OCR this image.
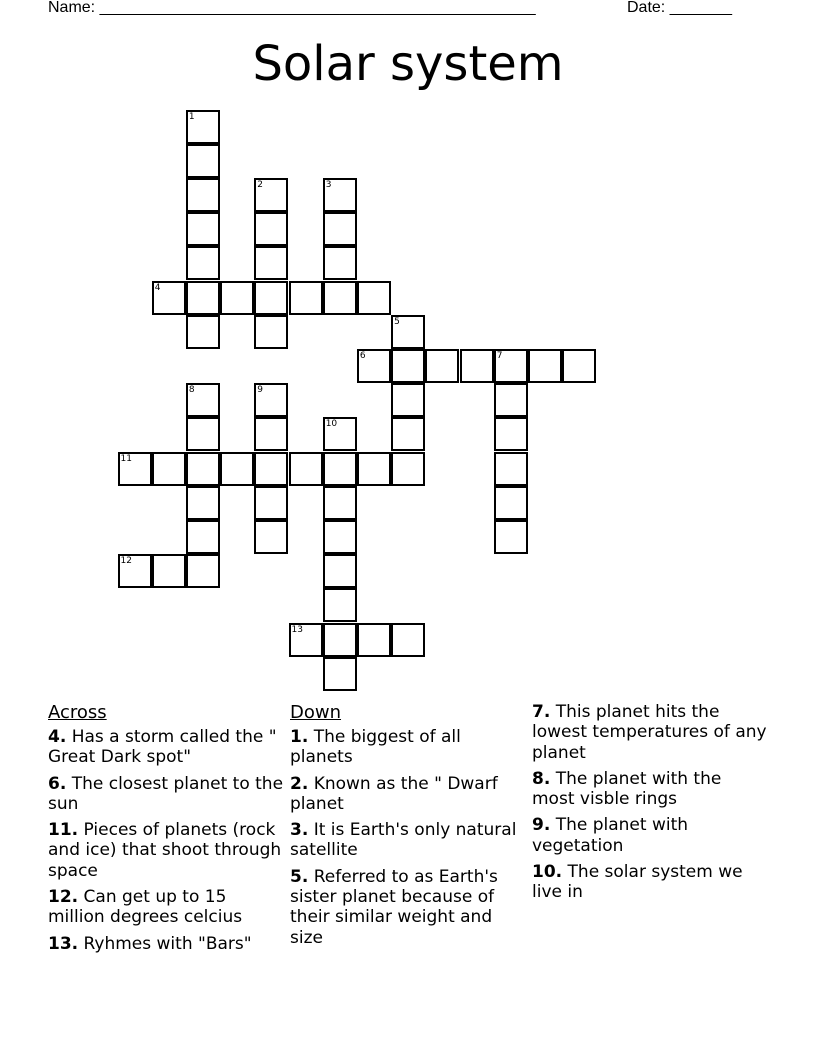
Name: _________________________________________________	Date: _______
Solar system
1
2	3
4
5
6	7
8	9
10
11
12
13
Across
4. Has a storm called the " Great Dark spot"
6. The closest planet to the sun
11. Pieces of planets (rock and ice) that shoot through space
12. Can get up to 15 million degrees celcius
13. Ryhmes with "Bars"
Down
1. The biggest of all planets
2. Known as the " Dwarf planet
3. It is Earth's only natural satellite
5. Referred to as Earth's sister planet because of their similar weight and size
7. This planet hits the lowest temperatures of any planet
8. The planet with the most visble rings
9. The planet with vegetation
10. The solar system we live in
